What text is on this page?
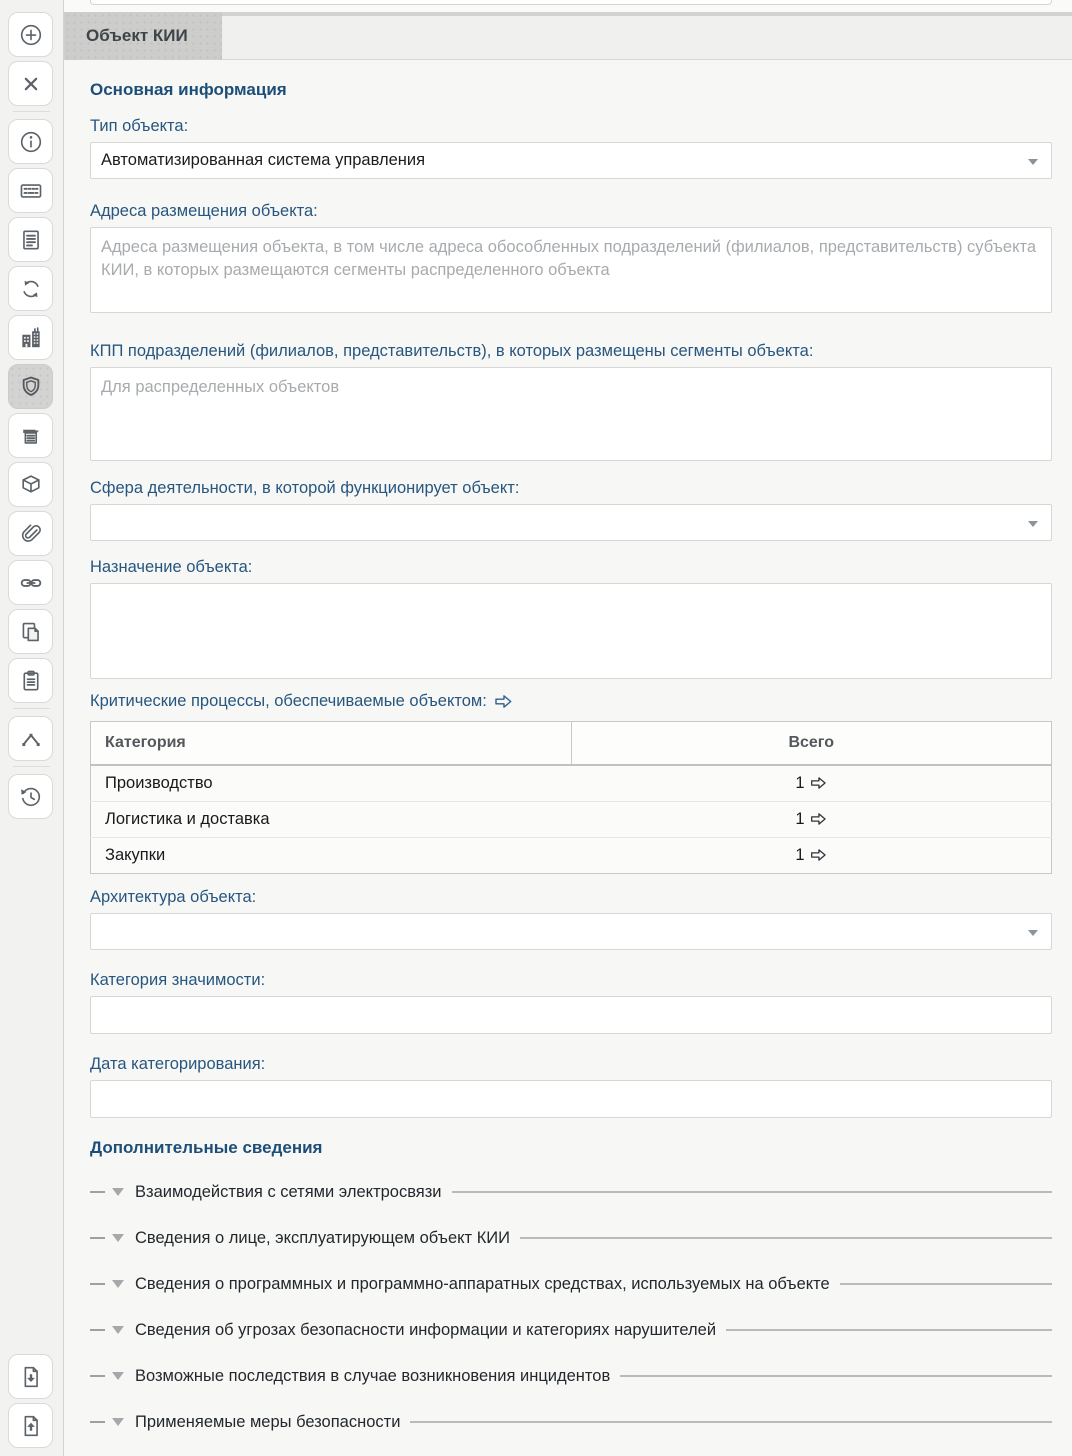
Объект КИИ
Основная информация
Тип объекта:
Автоматизированная система управления
Адреса размещения объекта:
Адреса размещения объекта, в том числе адреса обособленных подразделений (филиалов, представительств) субъекта КИИ, в которых размещаются сегменты распределенного объекта
КПП подразделений (филиалов, представительств), в которых размещены сегменты объекта:
Для распределенных объектов
Сфера деятельности, в которой функционирует объект:
Назначение объекта:
Критические процессы, обеспечиваемые объектом:
Категория	Всего
Производство	1
Логистика и доставка	1
Закупки	1
Архитектура объекта:
Категория значимости:
Дата категорирования:
Дополнительные сведения
Взаимодействия с сетями электросвязи
Сведения о лице, эксплуатирующем объект КИИ
Сведения о программных и программно-аппаратных средствах, используемых на объекте
Сведения об угрозах безопасности информации и категориях нарушителей
Возможные последствия в случае возникновения инцидентов
Применяемые меры безопасности
